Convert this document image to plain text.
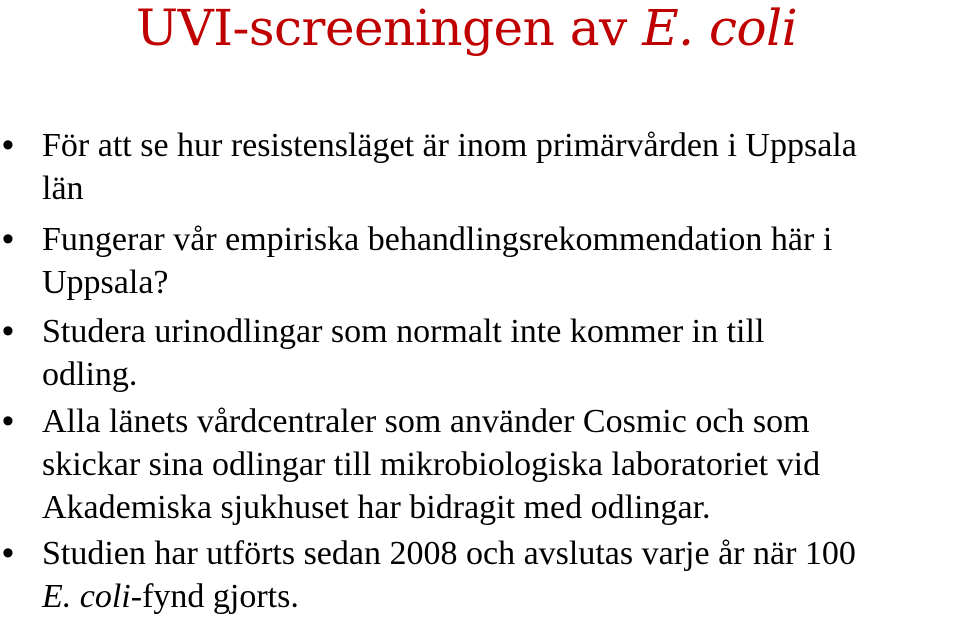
UVI-screeningen av E. coli
• För att se hur resistensläget är inom primärvården i Uppsala
län
• Fungerar vår empiriska behandlingsrekommendation här i
Uppsala?
• Studera urinodlingar som normalt inte kommer in till
odling.
• Alla länets vårdcentraler som använder Cosmic och som
skickar sina odlingar till mikrobiologiska laboratoriet vid
Akademiska sjukhuset har bidragit med odlingar.
• Studien har utförts sedan 2008 och avslutas varje år när 100
E. coli-fynd gjorts.
